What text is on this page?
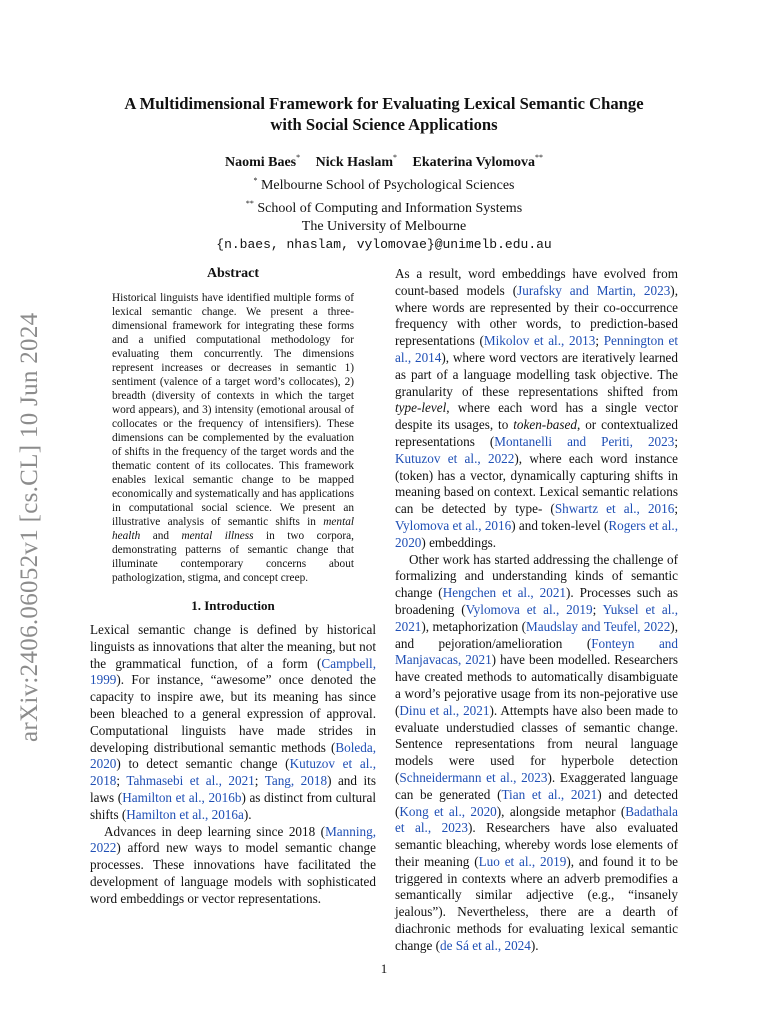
arXiv:2406.06052v1 [cs.CL] 10 Jun 2024
A Multidimensional Framework for Evaluating Lexical Semantic Change
with Social Science Applications
Naomi Baes* Nick Haslam* Ekaterina Vylomova**
* Melbourne School of Psychological Sciences
** School of Computing and Information Systems
The University of Melbourne
{n.baes, nhaslam, vylomovae}@unimelb.edu.au
Abstract

Historical linguists have identified multiple forms of lexical semantic change. We present a three-dimensional framework for integrating these forms and a unified computational methodology for evaluating them concurrently. The dimensions represent increases or decreases in semantic 1) sentiment (valence of a target word’s collocates), 2) breadth (diversity of contexts in which the target word appears), and 3) intensity (emotional arousal of collocates or the frequency of intensifiers). These dimensions can be complemented by the evaluation of shifts in the frequency of the target words and the thematic content of its collocates. This framework enables lexical semantic change to be mapped economically and systematically and has applications in computational social science. We present an illustrative analysis of semantic shifts in mental health and mental illness in two corpora, demonstrating patterns of semantic change that illuminate contemporary concerns about pathologization, stigma, and concept creep.

1. Introduction

Lexical semantic change is defined by historical linguists as innovations that alter the meaning, but not the grammatical function, of a form (Campbell, 1999). For instance, “awesome” once denoted the capacity to inspire awe, but its meaning has since been bleached to a general expression of approval. Computational linguists have made strides in developing distributional semantic methods (Boleda, 2020) to detect semantic change (Kutuzov et al., 2018; Tahmasebi et al., 2021; Tang, 2018) and its laws (Hamilton et al., 2016b) as distinct from cultural shifts (Hamilton et al., 2016a).

Advances in deep learning since 2018 (Manning, 2022) afford new ways to model semantic change processes. These innovations have facilitated the development of language models with sophisticated word embeddings or vector representations.

As a result, word embeddings have evolved from count-based models (Jurafsky and Martin, 2023), where words are represented by their co-occurrence frequency with other words, to prediction-based representations (Mikolov et al., 2013; Pennington et al., 2014), where word vectors are iteratively learned as part of a language modelling task objective. The granularity of these representations shifted from type-level, where each word has a single vector despite its usages, to token-based, or contextualized representations (Montanelli and Periti, 2023; Kutuzov et al., 2022), where each word instance (token) has a vector, dynamically capturing shifts in meaning based on context. Lexical semantic relations can be detected by type- (Shwartz et al., 2016; Vylomova et al., 2016) and token-level (Rogers et al., 2020) embeddings.

Other work has started addressing the challenge of formalizing and understanding kinds of semantic change (Hengchen et al., 2021). Processes such as broadening (Vylomova et al., 2019; Yuksel et al., 2021), metaphorization (Maudslay and Teufel, 2022), and pejoration/amelioration (Fonteyn and Manjavacas, 2021) have been modelled. Researchers have created methods to automatically disambiguate a word’s pejorative usage from its non-pejorative use (Dinu et al., 2021). Attempts have also been made to evaluate understudied classes of semantic change. Sentence representations from neural language models were used for hyperbole detection (Schneidermann et al., 2023). Exaggerated language can be generated (Tian et al., 2021) and detected (Kong et al., 2020), alongside metaphor (Badathala et al., 2023). Researchers have also evaluated semantic bleaching, whereby words lose elements of their meaning (Luo et al., 2019), and found it to be triggered in contexts where an adverb premodifies a semantically similar adjective (e.g., “insanely jealous”). Nevertheless, there are a dearth of diachronic methods for evaluating lexical semantic change (de Sá et al., 2024).

1
